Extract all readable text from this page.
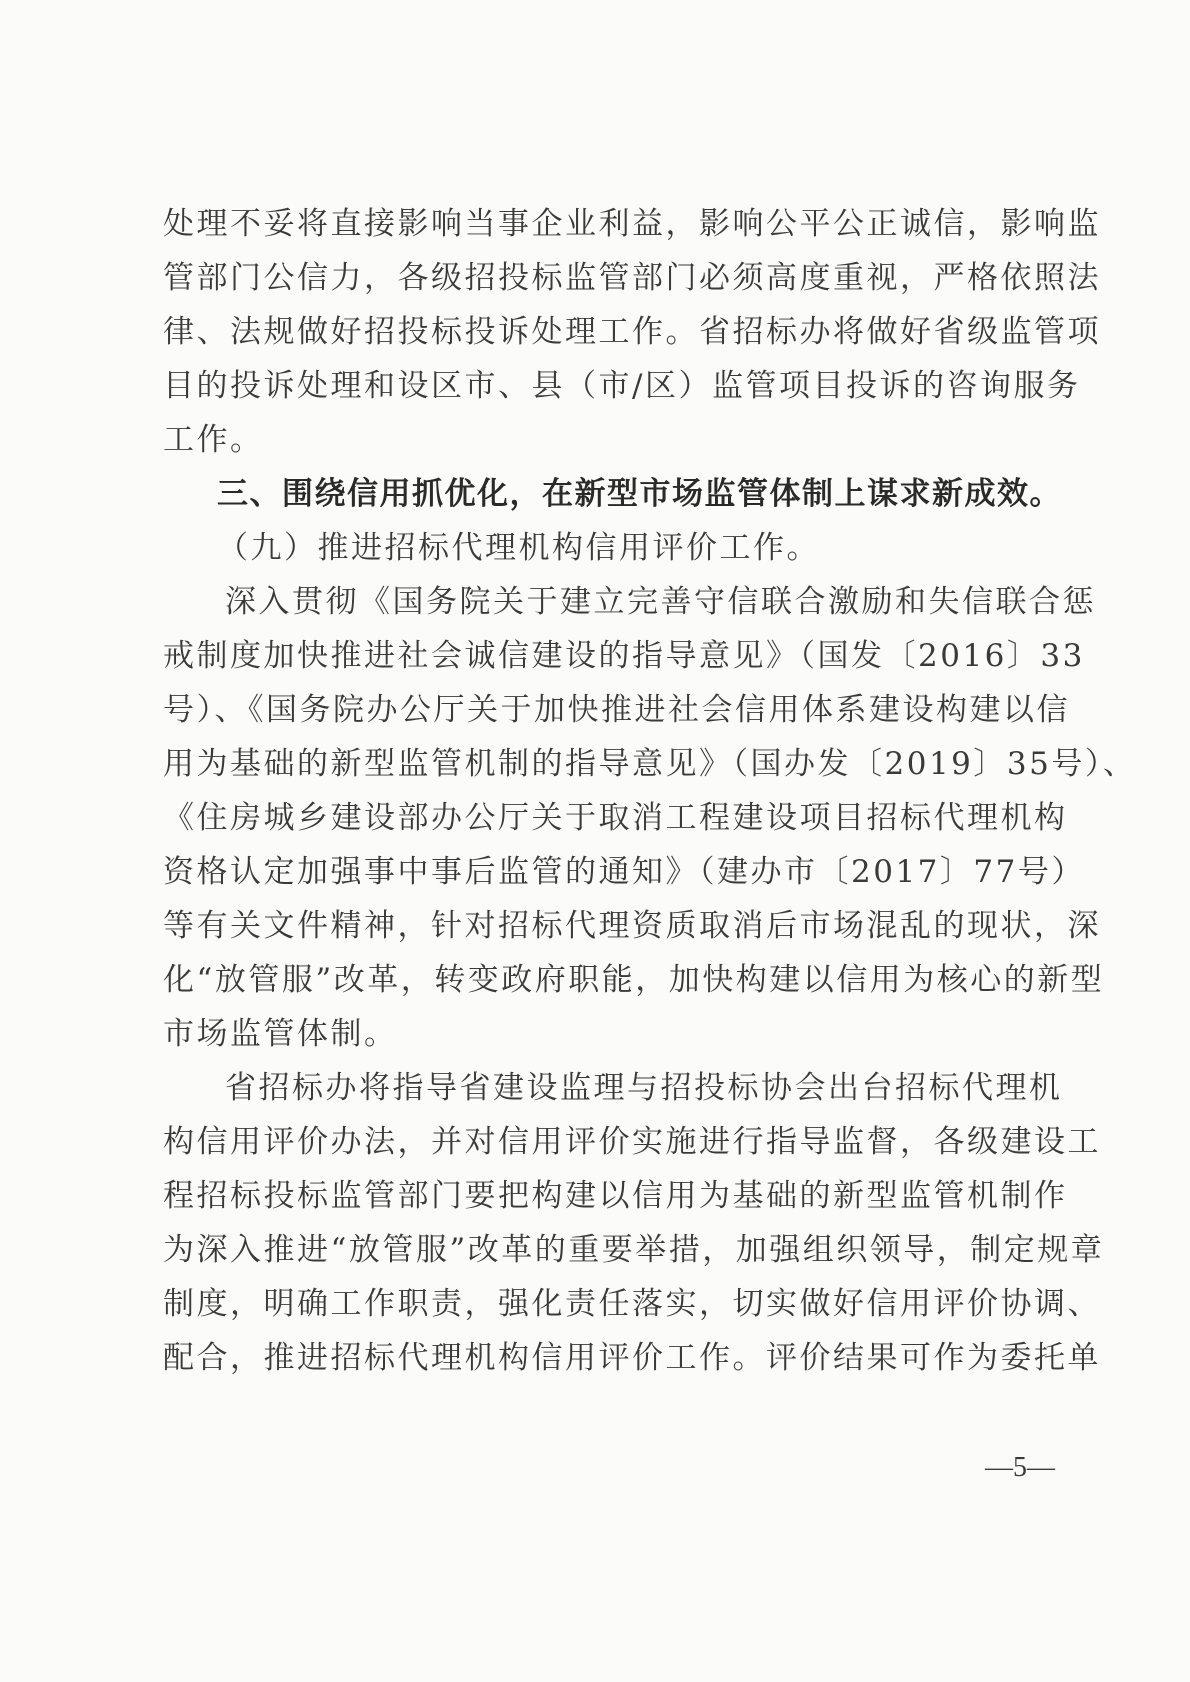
处理不妥将直接影响当事企业利益，影响公平公正诚信，影响监
管部门公信力，各级招投标监管部门必须高度重视，严格依照法
律、法规做好招投标投诉处理工作。省招标办将做好省级监管项
目的投诉处理和设区市、县（市/区）监管项目投诉的咨询服务
工作。
三、围绕信用抓优化，在新型市场监管体制上谋求新成效。
（九）推进招标代理机构信用评价工作。
深入贯彻《国务院关于建立完善守信联合激励和失信联合惩
戒制度加快推进社会诚信建设的指导意见》（国发〔2016〕33
号）、《国务院办公厅关于加快推进社会信用体系建设构建以信
用为基础的新型监管机制的指导意见》（国办发〔2019〕35号）、
《住房城乡建设部办公厅关于取消工程建设项目招标代理机构
资格认定加强事中事后监管的通知》（建办市〔2017〕77号）
等有关文件精神，针对招标代理资质取消后市场混乱的现状，深
化“放管服”改革，转变政府职能，加快构建以信用为核心的新型
市场监管体制。
省招标办将指导省建设监理与招投标协会出台招标代理机
构信用评价办法，并对信用评价实施进行指导监督，各级建设工
程招标投标监管部门要把构建以信用为基础的新型监管机制作
为深入推进“放管服”改革的重要举措，加强组织领导，制定规章
制度，明确工作职责，强化责任落实，切实做好信用评价协调、
配合，推进招标代理机构信用评价工作。评价结果可作为委托单
—5—
